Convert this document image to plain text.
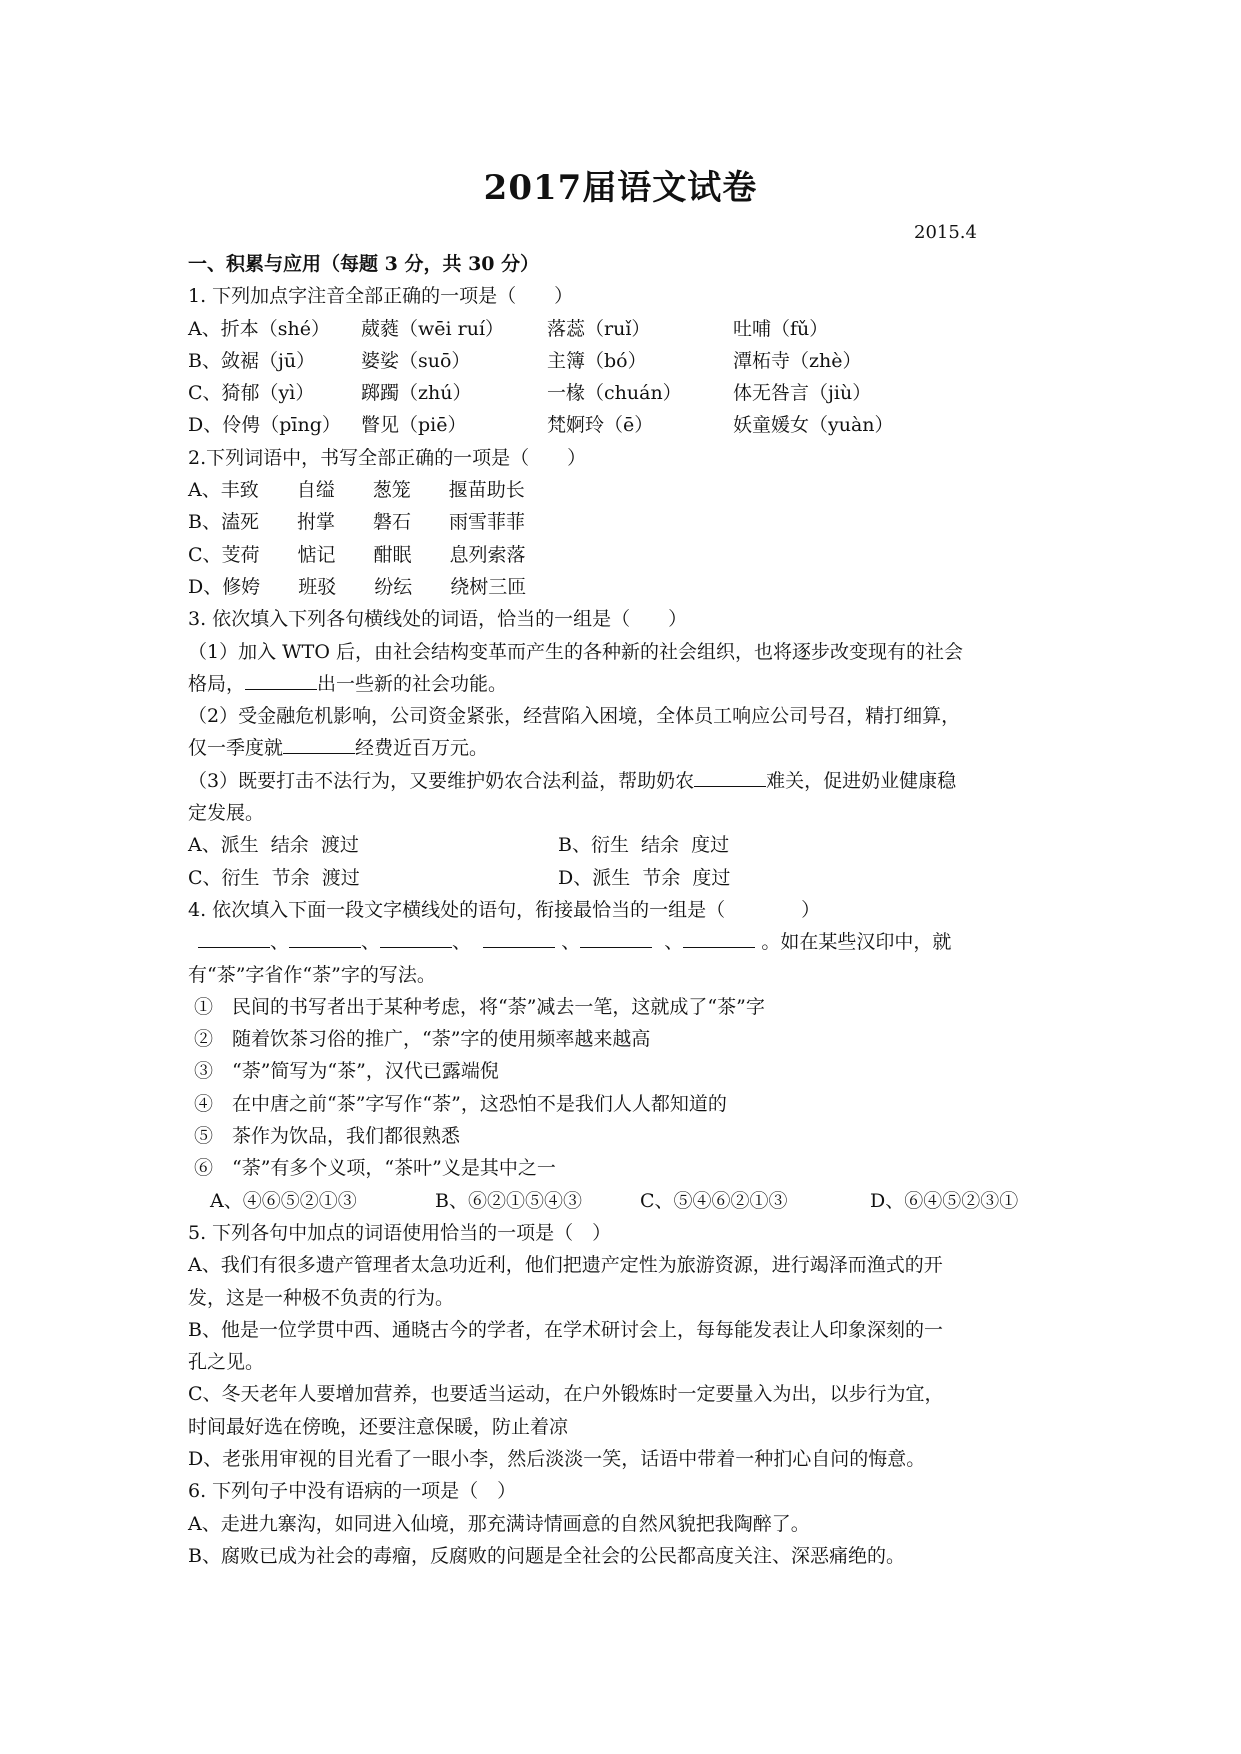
2017届语文试卷
2015.4
一、积累与应用（每题 3 分，共 30 分）
1. 下列加点字注音全部正确的一项是（　　）
A、折本（shé）	葳蕤（wēi ruí）	落蕊（ruǐ）	吐哺（fǔ）
B、敛裾（jū）	婆娑（suō）	主簿（bó）	潭柘寺（zhè）
C、猗郁（yì）	踯躅（zhú）	一椽（chuán）	体无咎言（jiù）
D、伶俜（pīng）	瞥见（piē）	梵婀玲（ē）	妖童媛女（yuàn）
2.下列词语中，书写全部正确的一项是（　　）
A、丰致　　自缢　　葱笼　　揠苗助长
B、溘死　　拊掌　　磐石　　雨雪菲菲
C、芰荷　　惦记　　酣眠　　息列索落
D、修姱　　班驳　　纷纭　　绕树三匝
3. 依次填入下列各句横线处的词语，恰当的一组是（　　）
（1）加入 WTO 后，由社会结构变革而产生的各种新的社会组织，也将逐步改变现有的社会
格局，	出一些新的社会功能。
（2）受金融危机影响，公司资金紧张，经营陷入困境，全体员工响应公司号召，精打细算，
仅一季度就	经费近百万元。
（3）既要打击不法行为，又要维护奶农合法利益，帮助奶农	难关，促进奶业健康稳
定发展。
A、派生  结余  渡过	B、衍生  结余  度过
C、衍生  节余  渡过	D、派生  节余  度过
4. 依次填入下面一段文字横线处的语句，衔接最恰当的一组是（　　　　）
、	、	、	、	、	。如在某些汉印中，就
有“茶”字省作“荼”字的写法。
①　民间的书写者出于某种考虑，将“荼”减去一笔，这就成了“茶”字
②　随着饮茶习俗的推广，“荼”字的使用频率越来越高
③　“荼”简写为“茶”，汉代已露端倪
④　在中唐之前“茶”字写作“荼”，这恐怕不是我们人人都知道的
⑤　茶作为饮品，我们都很熟悉
⑥　“荼”有多个义项，“茶叶”义是其中之一
A、④⑥⑤②①③	B、⑥②①⑤④③	C、⑤④⑥②①③	D、⑥④⑤②③①
5. 下列各句中加点的词语使用恰当的一项是（　）
A、我们有很多遗产管理者太急功近利，他们把遗产定性为旅游资源，进行竭泽而渔式的开
发，这是一种极不负责的行为。
B、他是一位学贯中西、通晓古今的学者，在学术研讨会上，每每能发表让人印象深刻的一
孔之见。
C、冬天老年人要增加营养，也要适当运动，在户外锻炼时一定要量入为出，以步行为宜，
时间最好选在傍晚，还要注意保暖，防止着凉
D、老张用审视的目光看了一眼小李，然后淡淡一笑，话语中带着一种扪心自问的悔意。
6. 下列句子中没有语病的一项是（　）
A、走进九寨沟，如同进入仙境，那充满诗情画意的自然风貌把我陶醉了。
B、腐败已成为社会的毒瘤，反腐败的问题是全社会的公民都高度关注、深恶痛绝的。
